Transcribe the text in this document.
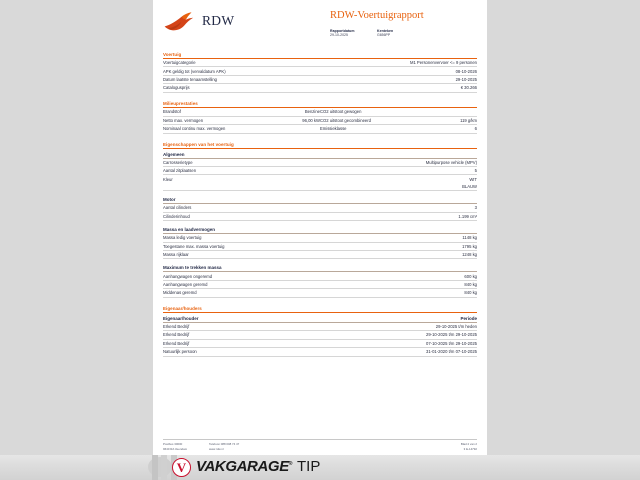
RDW	RDW-Voertuigrapport
Rapportdatum
29-10-2025
Kenteken
G656PP
Voertuig
Voertuigcategorie	M1 Personenvervoer <= 9 personen
APK geldig tot (vervaldatum APK)	08-10-2026
Datum laatste tenaamstelling	29-10-2025
Catalogusprijs	€ 30.266
Milieuprestaties
Brandstof	Benzine	CO2 uitstoot gewogen	
Netto max. vermogen	96,00 kW	CO2 uitstoot gecombineerd	119 g/km
Nominaal continu max. vermogen		Emissieklasse	6
Eigenschappen van het voertuig
Algemeen
Carrosserietype	Multipurpose vehicle (MPV)
Aantal zitplaatsen	5
Kleur	WIT
	BLAUW
Motor
Aantal cilinders	3
Cilinderinhoud	1.199 cm³
Massa en laadvermogen
Massa ledig voertuig	1148 kg
Toegestane max. massa voertuig	1795 kg
Massa rijklaar	1248 kg
Maximum te trekken massa
Aanhangwagen ongeremd	600 kg
Aanhangwagen geremd	840 kg
Middenas geremd	840 kg
Eigenaar/houders
Eigenaar/houder	Periode
Erkend Bedrijf	29-10-2025 t/m heden
Erkend Bedrijf	29-10-2025 t/m 29-10-2025
Erkend Bedrijf	07-10-2025 t/m 29-10-2025
Natuurlijk persoon	31-01-2020 t/m 07-10-2025
Postbus 30000
9640 RA Veendam
Telefoon 088 008 74 47
www.rdw.nl
Blad 2 van 2
3 E-14792
V VAKGARAGE® TIP
